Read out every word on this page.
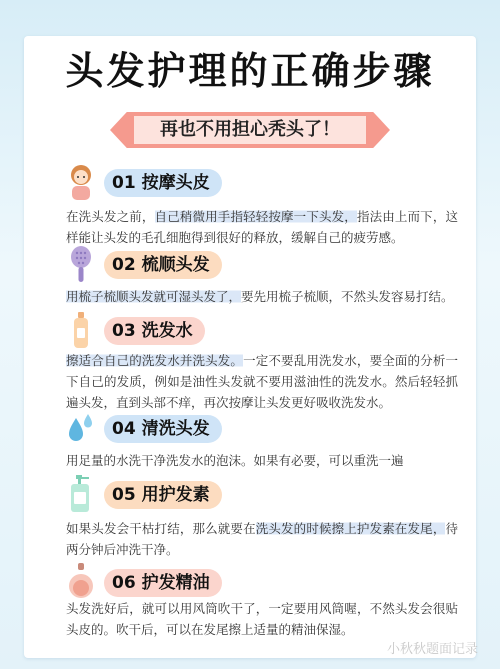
头发护理的正确步骤
再也不用担心秃头了！
01 按摩头皮
在洗头发之前，自己稍微用手指轻轻按摩一下头发，指法由上而下，这样能让头发的毛孔细胞得到很好的释放，缓解自己的疲劳感。
02 梳顺头发
用梳子梳顺头发就可湿头发了，要先用梳子梳顺，不然头发容易打结。
03 洗发水
擦适合自己的洗发水并洗头发。一定不要乱用洗发水，要全面的分析一下自己的发质，例如是油性头发就不要用滋油性的洗发水。然后轻轻抓遍头发，直到头部不痒，再次按摩让头发更好吸收洗发水。
04 清洗头发
用足量的水洗干净洗发水的泡沫。如果有必要，可以重洗一遍
05 用护发素
如果头发会干枯打结，那么就要在洗头发的时候擦上护发素在发尾，待两分钟后冲洗干净。
06 护发精油
头发洗好后，就可以用风筒吹干了，一定要用风筒喔，不然头发会很贴头皮的。吹干后，可以在发尾擦上适量的精油保湿。
小秋秋题面记录
